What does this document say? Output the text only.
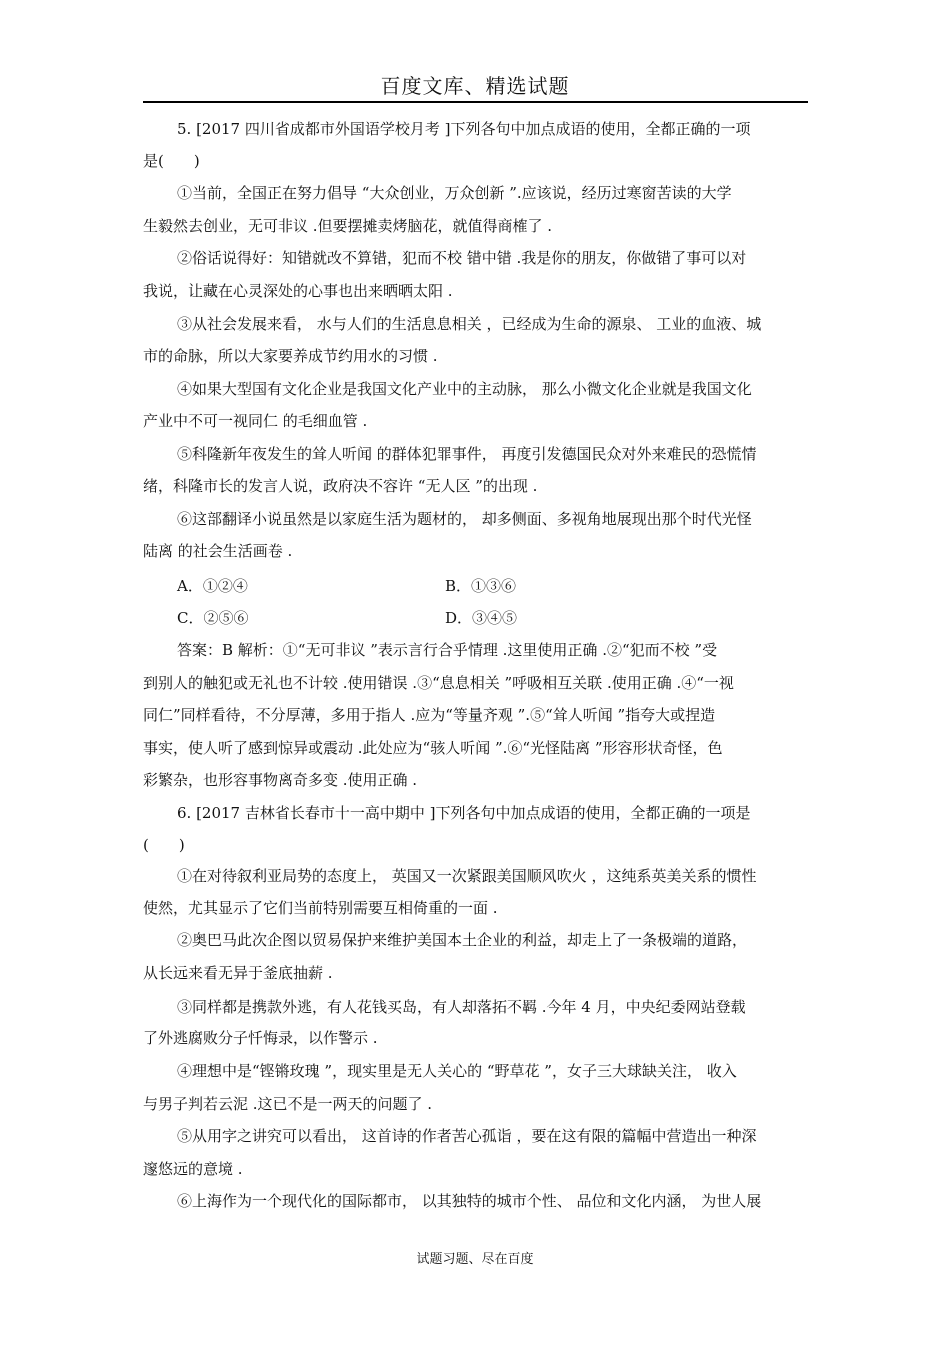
百度文库、精选试题
5. [2017 四川省成都市外国语学校月考 ]下列各句中加点成语的使用，全都正确的一项
是(　　)
①当前，全国正在努力倡导 “大众创业，万众创新 ”.应该说，经历过寒窗苦读的大学
生毅然去创业，无可非议 .但要摆摊卖烤脑花，就值得商榷了 .
②俗话说得好：知错就改不算错，犯而不校 错中错 .我是你的朋友，你做错了事可以对
我说，让藏在心灵深处的心事也出来晒晒太阳 .
③从社会发展来看， 水与人们的生活息息相关 ，已经成为生命的源泉、 工业的血液、城
市的命脉，所以大家要养成节约用水的习惯 .
④如果大型国有文化企业是我国文化产业中的主动脉， 那么小微文化企业就是我国文化
产业中不可一视同仁 的毛细血管 .
⑤科隆新年夜发生的耸人听闻 的群体犯罪事件， 再度引发德国民众对外来难民的恐慌情
绪，科隆市长的发言人说，政府决不容许 “无人区 ”的出现 .
⑥这部翻译小说虽然是以家庭生活为题材的， 却多侧面、多视角地展现出那个时代光怪
陆离 的社会生活画卷 .
A．①②④	B．①③⑥
C．②⑤⑥	D．③④⑤
答案：B 解析：①“无可非议 ”表示言行合乎情理 .这里使用正确 .②“犯而不校 ”受
到别人的触犯或无礼也不计较 .使用错误 .③“息息相关 ”呼吸相互关联 .使用正确 .④“一视
同仁”同样看待，不分厚薄，多用于指人 .应为“等量齐观 ”.⑤“耸人听闻 ”指夸大或捏造
事实，使人听了感到惊异或震动 .此处应为“骇人听闻 ”.⑥“光怪陆离 ”形容形状奇怪，色
彩繁杂，也形容事物离奇多变 .使用正确 .
6. [2017 吉林省长春市十一高中期中 ]下列各句中加点成语的使用，全都正确的一项是
(　　)
①在对待叙利亚局势的态度上， 英国又一次紧跟美国顺风吹火 ，这纯系英美关系的惯性
使然，尤其显示了它们当前特别需要互相倚重的一面 .
②奥巴马此次企图以贸易保护来维护美国本土企业的利益，却走上了一条极端的道路，
从长远来看无异于釜底抽薪 .
③同样都是携款外逃，有人花钱买岛，有人却落拓不羁 .今年 4 月，中央纪委网站登载
了外逃腐败分子忏悔录，以作警示 .
④理想中是“铿锵玫瑰 ”，现实里是无人关心的 “野草花 ”，女子三大球缺关注， 收入
与男子判若云泥 .这已不是一两天的问题了 .
⑤从用字之讲究可以看出， 这首诗的作者苦心孤诣 ，要在这有限的篇幅中营造出一种深
邃悠远的意境 .
⑥上海作为一个现代化的国际都市， 以其独特的城市个性、 品位和文化内涵， 为世人展
试题习题、尽在百度
